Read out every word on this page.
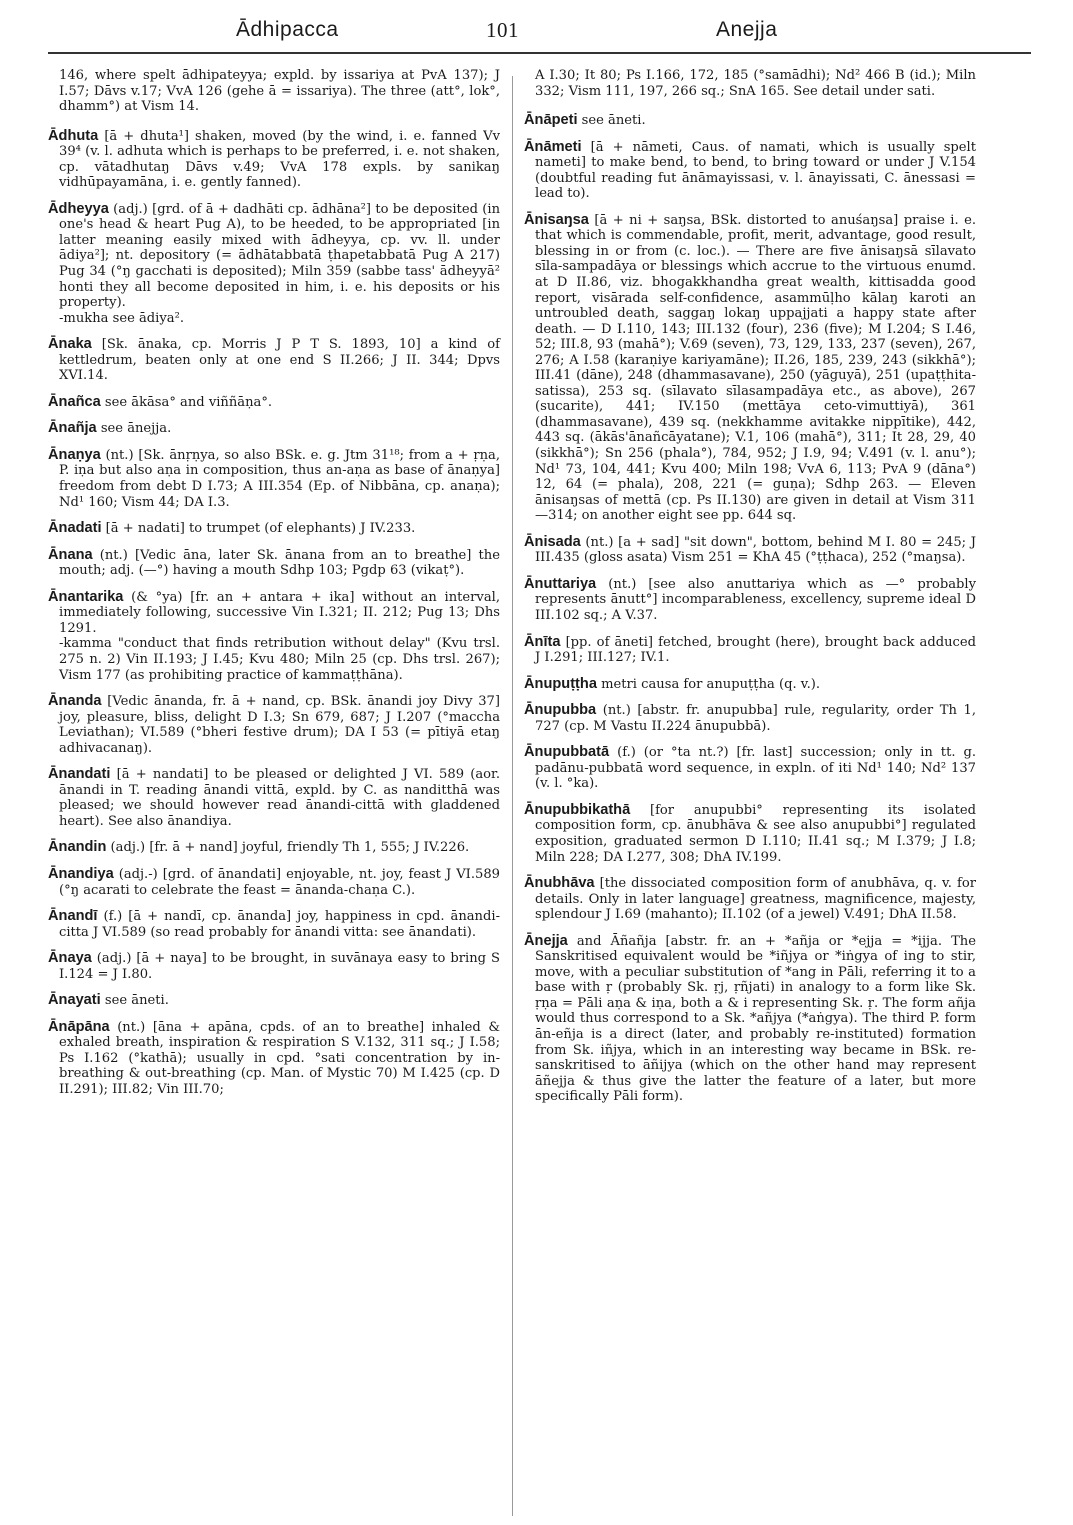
Ādhipacca	101	Anejja
146, where spelt ādhipateyya; expld. by issariya at PvA 137); J I.57; Dāvs v.17; VvA 126 (gehe ā = issariya). The three (att°, lok°, dhamm°) at Vism 14.
Ādhuta [ā + dhuta¹] shaken, moved (by the wind, i. e. fanned Vv 39⁴ (v. l. adhuta which is perhaps to be preferred, i. e. not shaken, cp. vātadhutaŋ Dāvs v.49; VvA 178 expls. by sanikaŋ vidhūpayamāna, i. e. gently fanned).
Ādheyya (adj.) [grd. of ā + dadhāti cp. ādhāna²] to be deposited (in one's head & heart Pug A), to be heeded, to be appropriated [in latter meaning easily mixed with ādheyya, cp. vv. ll. under ādiya²]; nt. depository (= ādhātabbatā ṭhapetabbatā Pug A 217) Pug 34 (°ŋ gacchati is deposited); Miln 359 (sabbe tass' ādheyyā² honti they all become deposited in him, i. e. his deposits or his property).
-mukha see ādiya².
Ānaka [Sk. ānaka, cp. Morris J P T S. 1893, 10] a kind of kettledrum, beaten only at one end S II.266; J II. 344; Dpvs XVI.14.
Ānañca see ākāsa° and viññāṇa°.
Ānañja see ānejja.
Ānaṇya (nt.) [Sk. ānṛṇya, so also BSk. e. g. Jtm 31¹⁸; from a + ṛṇa, P. iṇa but also aṇa in composition, thus an-aṇa as base of ānaṇya] freedom from debt D I.73; A III.354 (Ep. of Nibbāna, cp. anaṇa); Nd¹ 160; Vism 44; DA I.3.
Ānadati [ā + nadati] to trumpet (of elephants) J IV.233.
Ānana (nt.) [Vedic āna, later Sk. ānana from an to breathe] the mouth; adj. (—°) having a mouth Sdhp 103; Pgdp 63 (vikaṭ°).
Ānantarika (& °ya) [fr. an + antara + ika] without an interval, immediately following, successive Vin I.321; II. 212; Pug 13; Dhs 1291.
-kamma "conduct that finds retribution without delay" (Kvu trsl. 275 n. 2) Vin II.193; J I.45; Kvu 480; Miln 25 (cp. Dhs trsl. 267); Vism 177 (as prohibiting practice of kammaṭṭhāna).
Ānanda [Vedic ānanda, fr. ā + nand, cp. BSk. ānandi joy Divy 37] joy, pleasure, bliss, delight D I.3; Sn 679, 687; J I.207 (°maccha Leviathan); VI.589 (°bheri festive drum); DA I 53 (= pītiyā etaŋ adhivacanaŋ).
Ānandati [ā + nandati] to be pleased or delighted J VI. 589 (aor. ānandi in T. reading ānandi vittā, expld. by C. as nanditthā was pleased; we should however read ānandi-cittā with gladdened heart). See also ānandiya.
Ānandin (adj.) [fr. ā + nand] joyful, friendly Th 1, 555; J IV.226.
Ānandiya (adj.-) [grd. of ānandati] enjoyable, nt. joy, feast J VI.589 (°ŋ acarati to celebrate the feast = ānanda-chaṇa C.).
Ānandī (f.) [ā + nandī, cp. ānanda] joy, happiness in cpd. ānandi-citta J VI.589 (so read probably for ānandi vitta: see ānandati).
Ānaya (adj.) [ā + naya] to be brought, in suvānaya easy to bring S I.124 = J I.80.
Ānayati see āneti.
Ānāpāna (nt.) [āna + apāna, cpds. of an to breathe] inhaled & exhaled breath, inspiration & respiration S V.132, 311 sq.; J I.58; Ps I.162 (°kathā); usually in cpd. °sati concentration by in-breathing & out-breathing (cp. Man. of Mystic 70) M I.425 (cp. D II.291); III.82; Vin III.70;
A I.30; It 80; Ps I.166, 172, 185 (°samādhi); Nd² 466 B (id.); Miln 332; Vism 111, 197, 266 sq.; SnA 165. See detail under sati.
Ānāpeti see āneti.
Ānāmeti [ā + nāmeti, Caus. of namati, which is usually spelt nameti] to make bend, to bend, to bring toward or under J V.154 (doubtful reading fut ānāmayissasi, v. l. ānayissati, C. ānessasi = lead to).
Ānisaŋsa [ā + ni + saŋsa, BSk. distorted to anuśaŋsa] praise i. e. that which is commendable, profit, merit, advantage, good result, blessing in or from (c. loc.). — There are five ānisaŋsā sīlavato sīla-sampadāya or blessings which accrue to the virtuous enumd. at D II.86, viz. bhogakkhandha great wealth, kittisadda good report, visārada self-confidence, asammūḷho kālaŋ karoti an untroubled death, saggaŋ lokaŋ uppajjati a happy state after death. — D I.110, 143; III.132 (four), 236 (five); M I.204; S I.46, 52; III.8, 93 (mahā°); V.69 (seven), 73, 129, 133, 237 (seven), 267, 276; A I.58 (karaṇiye kariyamāne); II.26, 185, 239, 243 (sikkhā°); III.41 (dāne), 248 (dhammasavane), 250 (yāguyā), 251 (upaṭṭhita-satissa), 253 sq. (sīlavato sīlasampadāya etc., as above), 267 (sucarite), 441; IV.150 (mettāya ceto-vimuttiyā), 361 (dhammasavane), 439 sq. (nekkhamme avitakke nippītike), 442, 443 sq. (ākās'ānañcāyatane); V.1, 106 (mahā°), 311; It 28, 29, 40 (sikkhā°); Sn 256 (phala°), 784, 952; J I.9, 94; V.491 (v. l. anu°); Nd¹ 73, 104, 441; Kvu 400; Miln 198; VvA 6, 113; PvA 9 (dāna°) 12, 64 (= phala), 208, 221 (= guṇa); Sdhp 263. — Eleven ānisaŋsas of mettā (cp. Ps II.130) are given in detail at Vism 311—314; on another eight see pp. 644 sq.
Ānisada (nt.) [a + sad] "sit down", bottom, behind M I. 80 = 245; J III.435 (gloss asata) Vism 251 = KhA 45 (°ṭṭhaca), 252 (°maŋsa).
Ānuttariya (nt.) [see also anuttariya which as —° probably represents ānutt°] incomparableness, excellency, supreme ideal D III.102 sq.; A V.37.
Ānīta [pp. of āneti] fetched, brought (here), brought back adduced J I.291; III.127; IV.1.
Ānupuṭṭha metri causa for anupuṭṭha (q. v.).
Ānupubba (nt.) [abstr. fr. anupubba] rule, regularity, order Th 1, 727 (cp. M Vastu II.224 ānupubbā).
Ānupubbatā (f.) (or °ta nt.?) [fr. last] succession; only in tt. g. padānu-pubbatā word sequence, in expln. of iti Nd¹ 140; Nd² 137 (v. l. °ka).
Ānupubbikathā [for anupubbi° representing its isolated composition form, cp. ānubhāva & see also anupubbi°] regulated exposition, graduated sermon D I.110; II.41 sq.; M I.379; J I.8; Miln 228; DA I.277, 308; DhA IV.199.
Ānubhāva [the dissociated composition form of anubhāva, q. v. for details. Only in later language] greatness, magnificence, majesty, splendour J I.69 (mahanto); II.102 (of a jewel) V.491; DhA II.58.
Ānejja and Āñañja [abstr. fr. an + *añja or *ejja = *ijja. The Sanskritised equivalent would be *iñjya or *iṅgya of ing to stir, move, with a peculiar substitution of *ang in Pāli, referring it to a base with ṛ (probably Sk. ṛj, ṛñjati) in analogy to a form like Sk. ṛṇa = Pāli aṇa & iṇa, both a & i representing Sk. ṛ. The form añja would thus correspond to a Sk. *añjya (*aṅgya). The third P. form ān-eñja is a direct (later, and probably re-instituted) formation from Sk. iñjya, which in an interesting way became in BSk. re-sanskritised to āñijya (which on the other hand may represent āñejja & thus give the latter the feature of a later, but more specifically Pāli form).
